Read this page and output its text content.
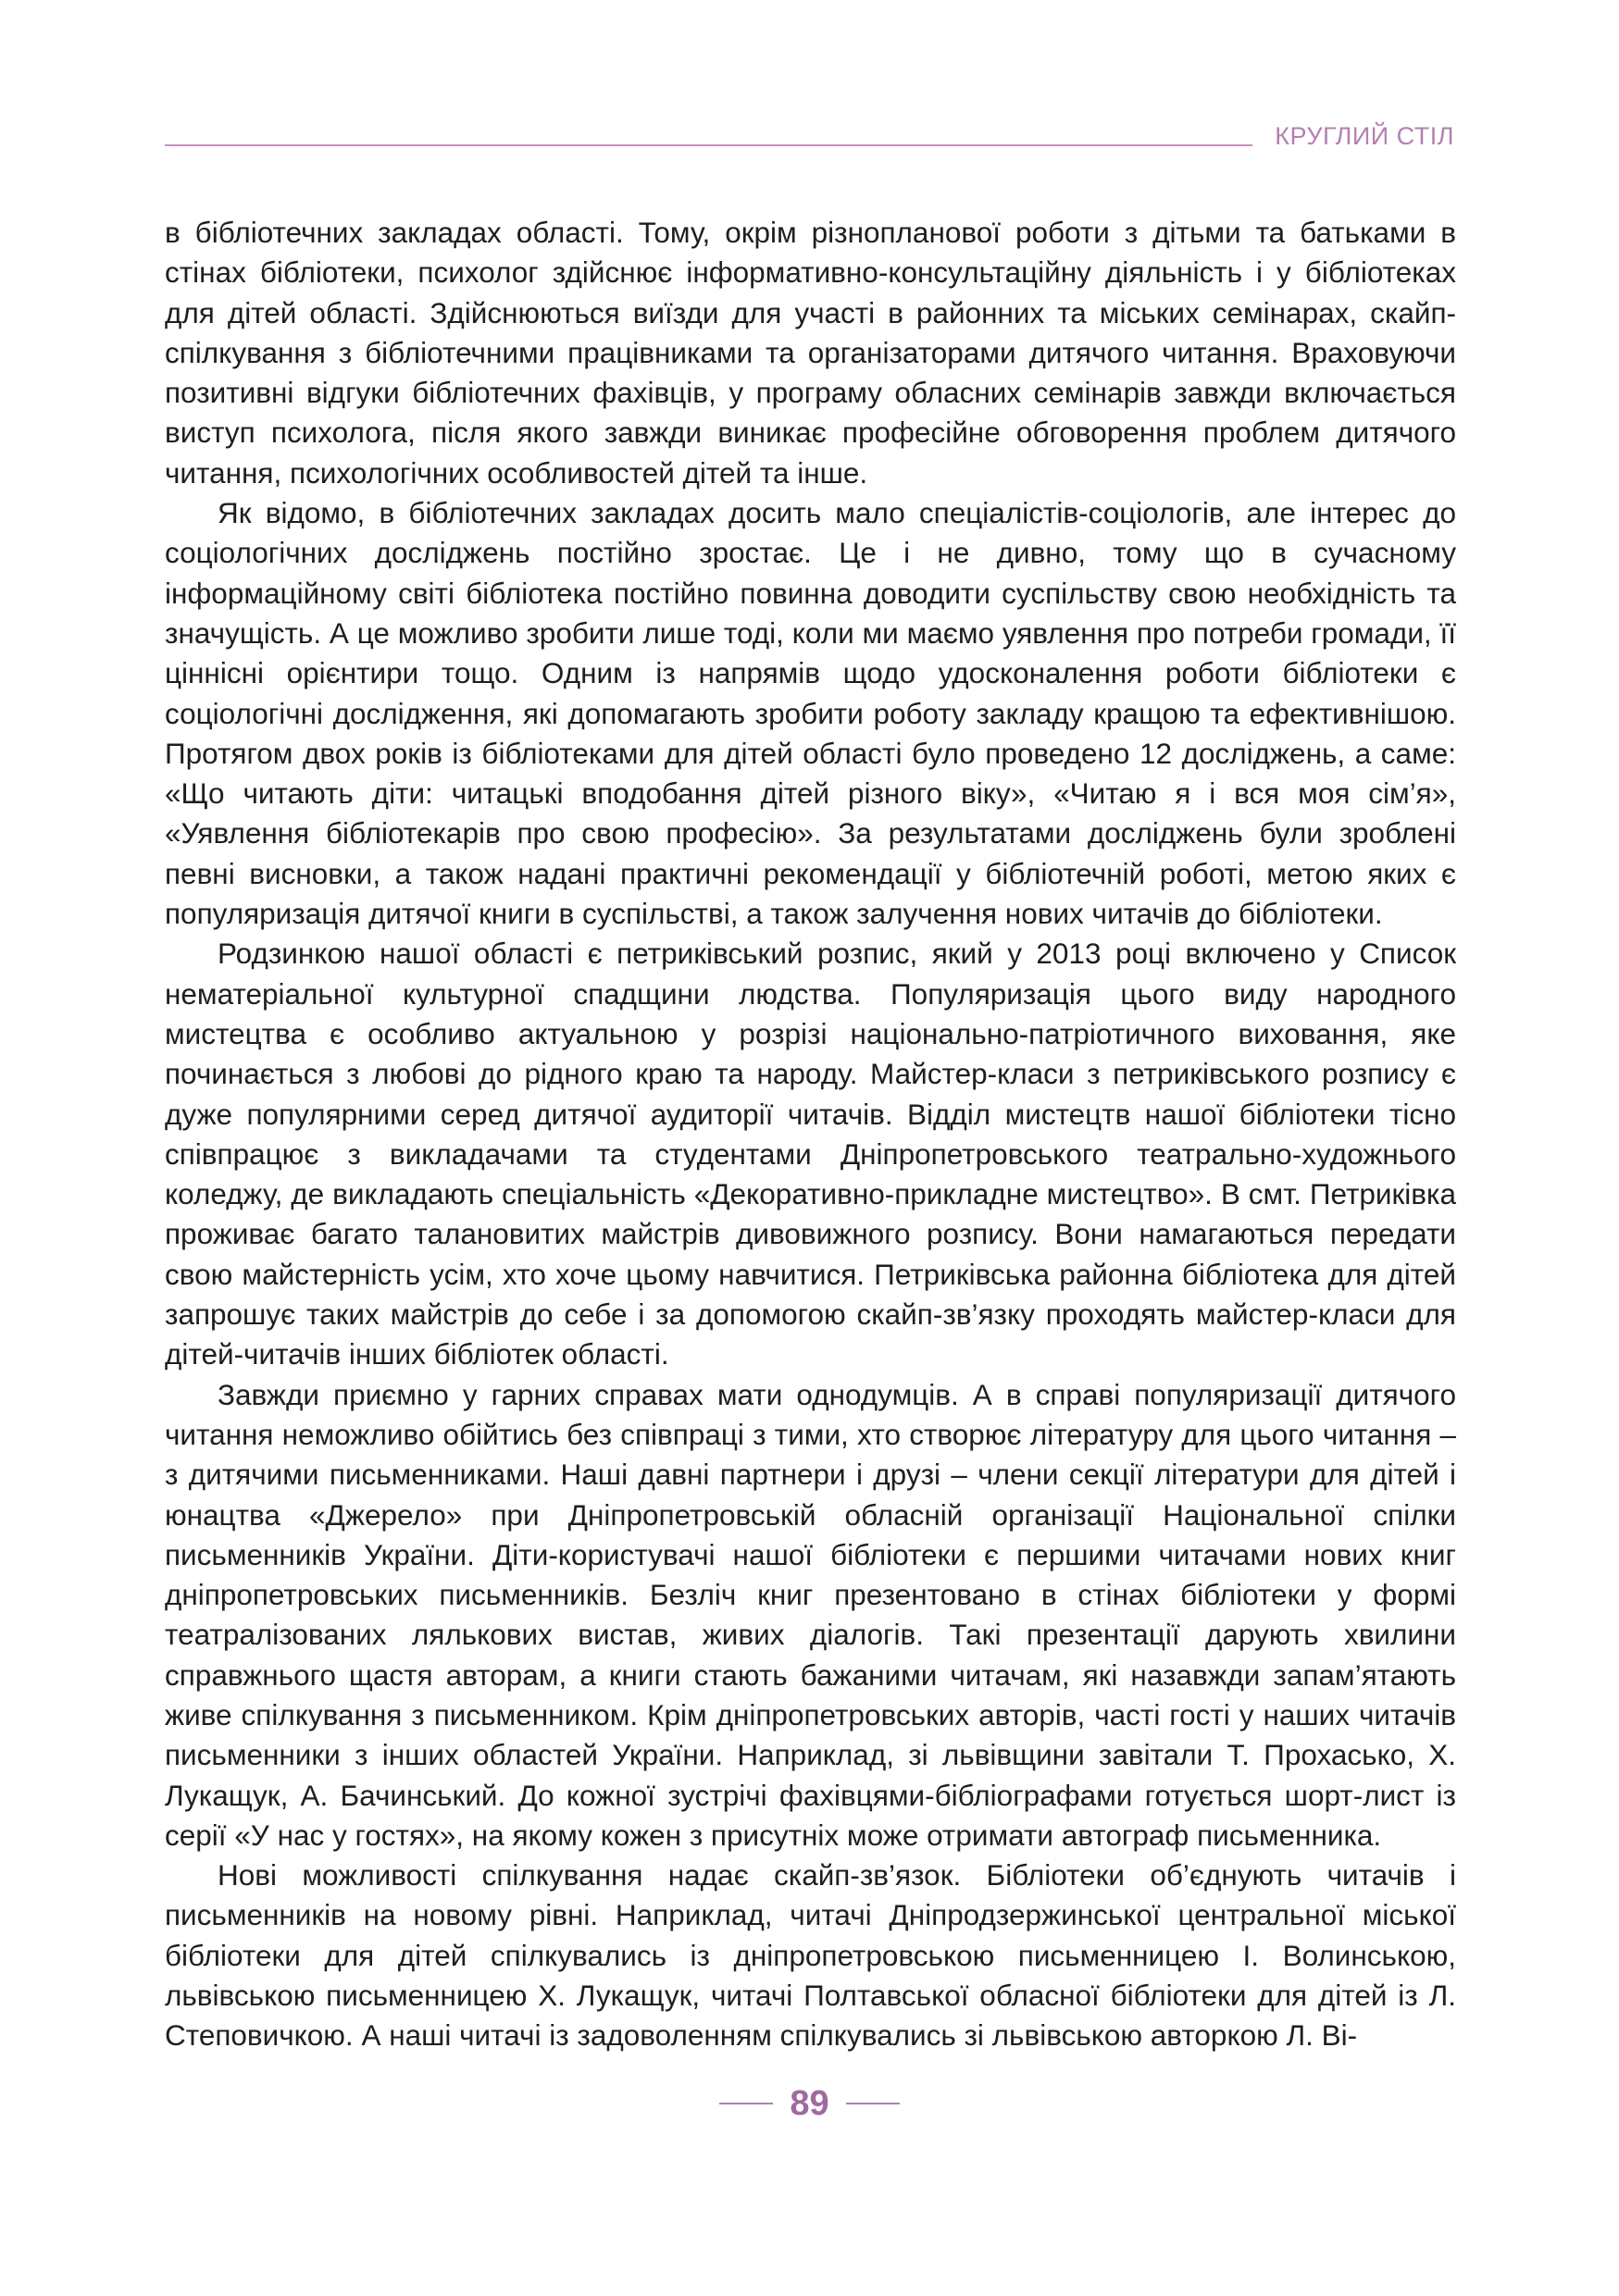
КРУГЛИЙ СТІЛ

в бібліотечних закладах області. Тому, окрім різнопланової роботи з дітьми та батьками в стінах бібліотеки, психолог здійснює інформативно-консультаційну діяльність і у бібліотеках для дітей області. Здійснюються виїзди для участі в районних та міських семінарах, скайп-спілкування з бібліотечними працівниками та організаторами дитячого читання. Враховуючи позитивні відгуки бібліотечних фахівців, у програму обласних семінарів завжди включається виступ психолога, після якого завжди виникає професійне обговорення проблем дитячого читання, психологічних особливостей дітей та інше.

Як відомо, в бібліотечних закладах досить мало спеціалістів-соціологів, але інтерес до соціологічних досліджень постійно зростає. Це і не дивно, тому що в сучасному інформаційному світі бібліотека постійно повинна доводити суспільству свою необхідність та значущість. А це можливо зробити лише тоді, коли ми маємо уявлення про потреби громади, її ціннісні орієнтири тощо. Одним із напрямів щодо удосконалення роботи бібліотеки є соціологічні дослідження, які допомагають зробити роботу закладу кращою та ефективнішою. Протягом двох років із бібліотеками для дітей області було проведено 12 досліджень, а саме: «Що читають діти: читацькі вподобання дітей різного віку», «Читаю я і вся моя сім’я», «Уявлення бібліотекарів про свою професію». За результатами досліджень були зроблені певні висновки, а також надані практичні рекомендації у бібліотечній роботі, метою яких є популяризація дитячої книги в суспільстві, а також залучення нових читачів до бібліотеки.

Родзинкою нашої області є петриківський розпис, який у 2013 році включено у Список нематеріальної культурної спадщини людства. Популяризація цього виду народного мистецтва є особливо актуальною у розрізі національно-патріотичного виховання, яке починається з любові до рідного краю та народу. Майстер-класи з петриківського розпису є дуже популярними серед дитячої аудиторії читачів. Відділ мистецтв нашої бібліотеки тісно співпрацює з викладачами та студентами Дніпропетровського театрально-художнього коледжу, де викладають спеціальність «Декоративно-прикладне мистецтво». В смт. Петриківка проживає багато талановитих майстрів дивовижного розпису. Вони намагаються передати свою майстерність усім, хто хоче цьому навчитися. Петриківська районна бібліотека для дітей запрошує таких майстрів до себе і за допомогою скайп-зв’язку проходять майстер-класи для дітей-читачів інших бібліотек області.

Завжди приємно у гарних справах мати однодумців. А в справі популяризації дитячого читання неможливо обійтись без співпраці з тими, хто створює літературу для цього читання – з дитячими письменниками. Наші давні партнери і друзі – члени секції літератури для дітей і юнацтва «Джерело» при Дніпропетровській обласній організації Національної спілки письменників України. Діти-користувачі нашої бібліотеки є першими читачами нових книг дніпропетровських письменників. Безліч книг презентовано в стінах бібліотеки у формі театралізованих лялькових вистав, живих діалогів. Такі презентації дарують хвилини справжнього щастя авторам, а книги стають бажаними читачам, які назавжди запам’ятають живе спілкування з письменником. Крім дніпропетровських авторів, часті гості у наших читачів письменники з інших областей України. Наприклад, зі львівщини завітали Т. Прохасько, Х. Лукащук, А. Бачинський. До кожної зустрічі фахівцями-бібліографами готується шорт-лист із серії «У нас у гостях», на якому кожен з присутніх може отримати автограф письменника.

Нові можливості спілкування надає скайп-зв’язок. Бібліотеки об’єднують читачів і письменників на новому рівні. Наприклад, читачі Дніпродзержинської центральної міської бібліотеки для дітей спілкувались із дніпропетровською письменницею І. Волинською, львівською письменницею Х. Лукащук, читачі Полтавської обласної бібліотеки для дітей із Л. Степовичкою. А наші читачі із задоволенням спілкувались зі львівською авторкою Л. Ві-

89
